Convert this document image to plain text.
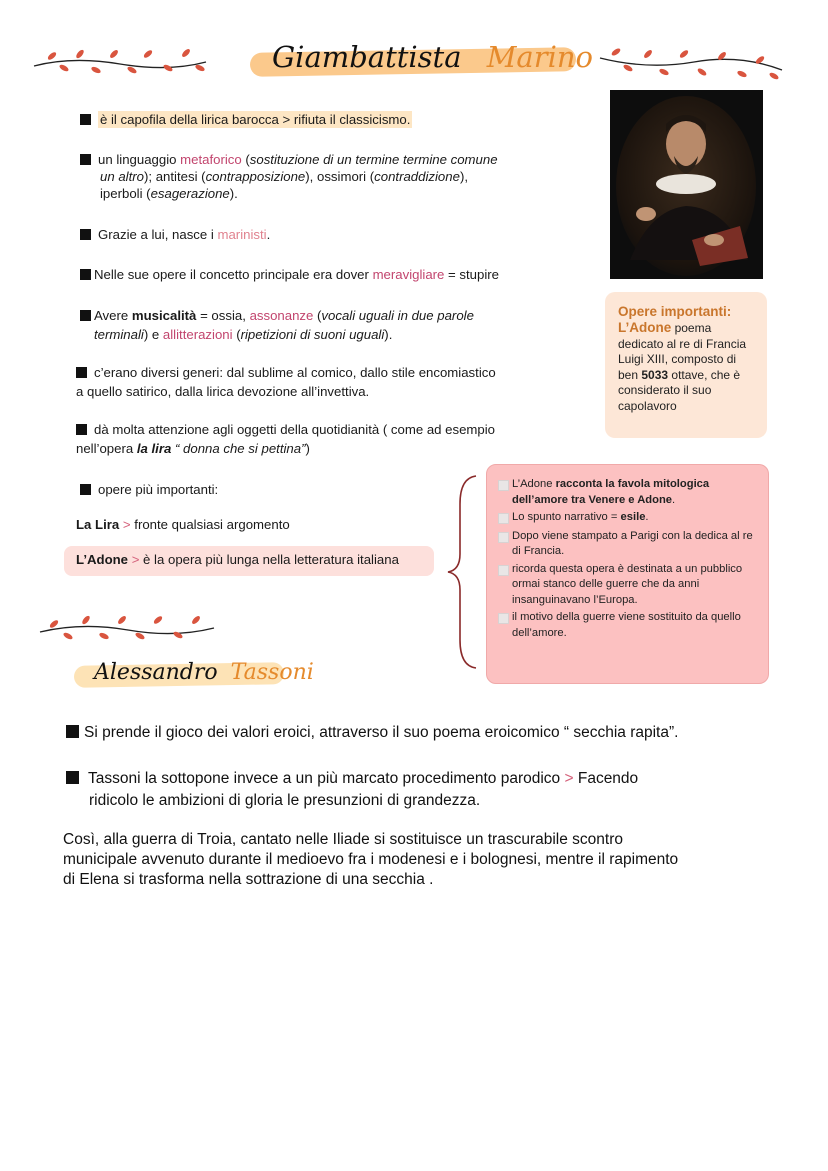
Giambattista Marino

è il capofila della lirica barocca > rifiuta il classicismo.

un linguaggio metaforico (sostituzione di un termine termine comune
un altro); antitesi (contrapposizione), ossimori (contraddizione),
iperboli (esagerazione).

Grazie a lui, nasce i marinisti.

Nelle sue opere il concetto principale era dover meravigliare = stupire

Avere musicalità = ossia, assonanze (vocali uguali in due parole
terminali) e allitterazioni (ripetizioni di suoni uguali).
c’erano diversi generi: dal sublime al comico, dallo stile encomiastico
a quello satirico, dalla lirica devozione all’invettiva.
dà molta attenzione agli oggetti della quotidianità ( come ad esempio
nell’opera la lira “ donna che si pettina”)

opere più importanti:

La Lira > fronte qualsiasi argomento

L’Adone > è la opera più lunga nella letteratura italiana

Opere importanti:
L’Adone poema dedicato al re di Francia Luigi XIII, composto di ben 5033 ottave, che è considerato il suo capolavoro
L’Adone racconta la favola mitologica dell’amore tra Venere e Adone.
Lo spunto narrativo = esile.
Dopo viene stampato a Parigi con la dedica al re di Francia.
ricorda questa opera è destinata a un pubblico ormai stanco delle guerre che da anni insanguinavano l’Europa.
il motivo della guerre viene sostituito da quello dell’amore.
Alessandro Tassoni

Si prende il gioco dei valori eroici, attraverso il suo poema eroicomico “ secchia rapita”.

Tassoni la sottopone invece a un più marcato procedimento parodico > Facendo
ridicolo le ambizioni di gloria le presunzioni di grandezza.
Così, alla guerra di Troia, cantato nelle Iliade si sostituisce un trascurabile scontro
municipale avvenuto durante il medioevo fra i modenesi e i bolognesi, mentre il rapimento
di Elena si trasforma nella sottrazione di una secchia .
